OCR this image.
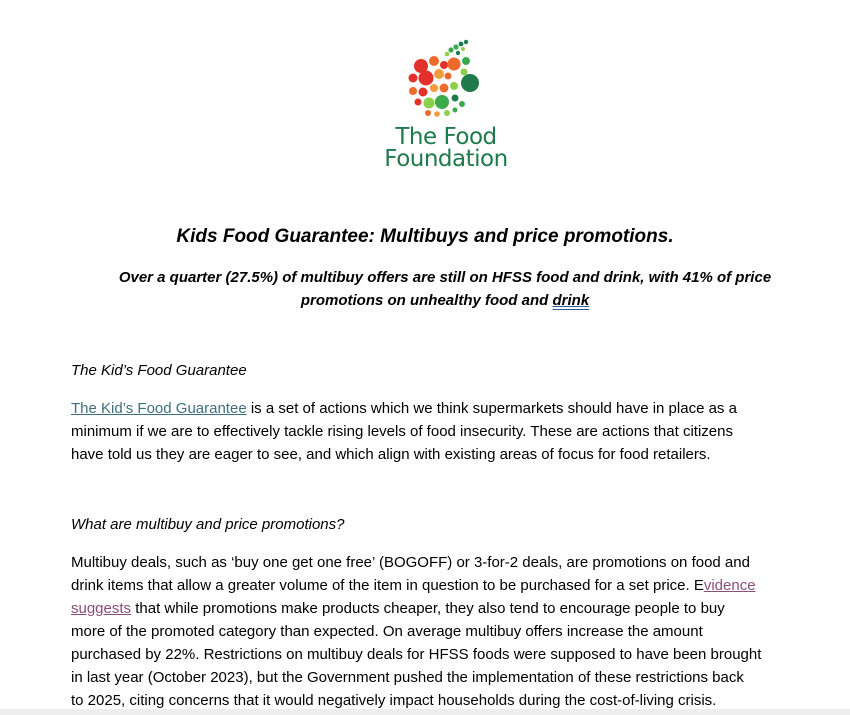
The Food
Foundation
Kids Food Guarantee: Multibuys and price promotions.
Over a quarter (27.5%) of multibuy offers are still on HFSS food and drink, with 41% of price
promotions on unhealthy food and drink
The Kid’s Food Guarantee
The Kid’s Food Guarantee is a set of actions which we think supermarkets should have in place as a
minimum if we are to effectively tackle rising levels of food insecurity. These are actions that citizens
have told us they are eager to see, and which align with existing areas of focus for food retailers.
What are multibuy and price promotions?
Multibuy deals, such as ‘buy one get one free’ (BOGOFF) or 3-for-2 deals, are promotions on food and
drink items that allow a greater volume of the item in question to be purchased for a set price. Evidence
suggests that while promotions make products cheaper, they also tend to encourage people to buy
more of the promoted category than expected. On average multibuy offers increase the amount
purchased by 22%. Restrictions on multibuy deals for HFSS foods were supposed to have been brought
in last year (October 2023), but the Government pushed the implementation of these restrictions back
to 2025, citing concerns that it would negatively impact households during the cost-of-living crisis.
